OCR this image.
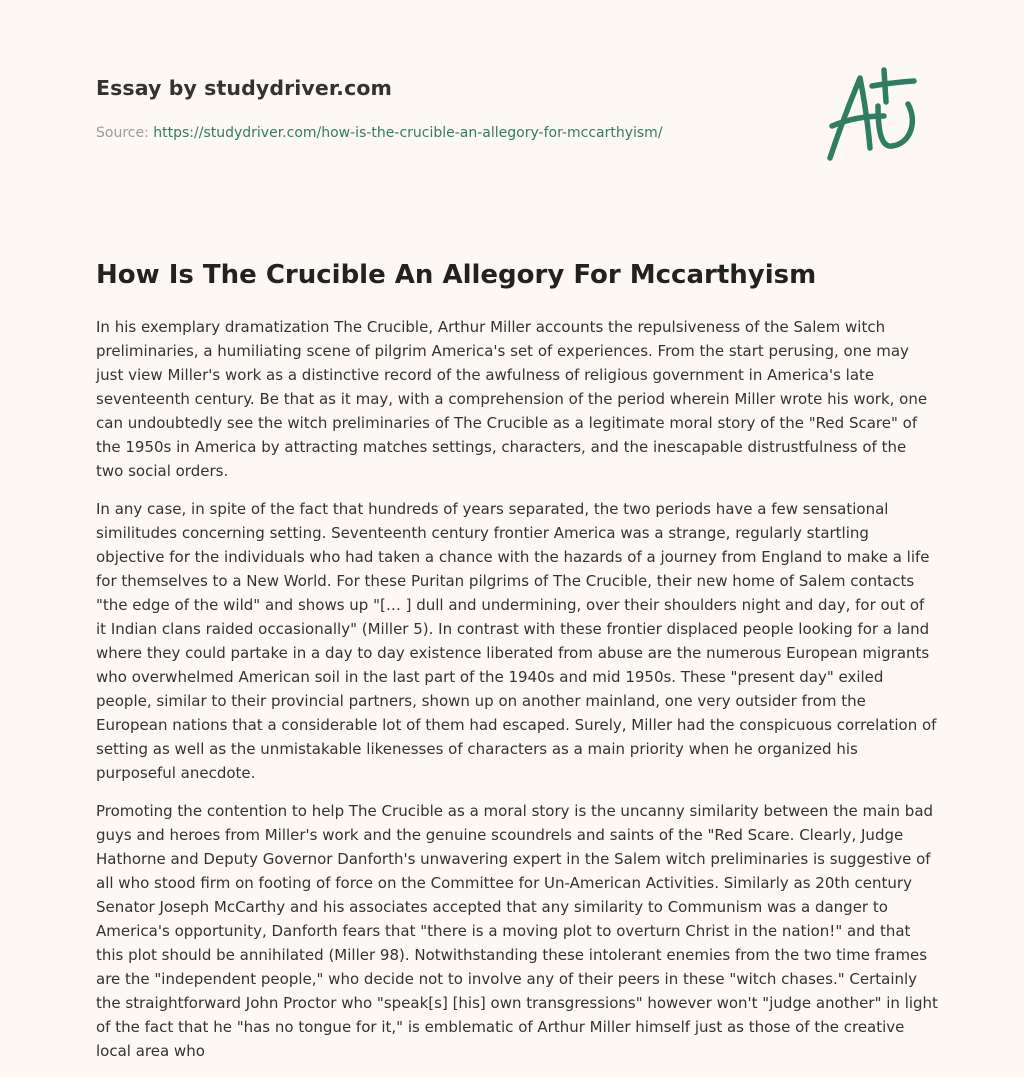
Essay by studydriver.com
Source: https://studydriver.com/how-is-the-crucible-an-allegory-for-mccarthyism/
How Is The Crucible An Allegory For Mccarthyism

In his exemplary dramatization The Crucible, Arthur Miller accounts the repulsiveness of the Salem witch preliminaries, a humiliating scene of pilgrim America's set of experiences. From the start perusing, one may just view Miller's work as a distinctive record of the awfulness of religious government in America's late seventeenth century. Be that as it may, with a comprehension of the period wherein Miller wrote his work, one can undoubtedly see the witch preliminaries of The Crucible as a legitimate moral story of the "Red Scare" of the 1950s in America by attracting matches settings, characters, and the inescapable distrustfulness of the two social orders.

In any case, in spite of the fact that hundreds of years separated, the two periods have a few sensational similitudes concerning setting. Seventeenth century frontier America was a strange, regularly startling objective for the individuals who had taken a chance with the hazards of a journey from England to make a life for themselves to a New World. For these Puritan pilgrims of The Crucible, their new home of Salem contacts "the edge of the wild" and shows up "[… ] dull and undermining, over their shoulders night and day, for out of it Indian clans raided occasionally" (Miller 5). In contrast with these frontier displaced people looking for a land where they could partake in a day to day existence liberated from abuse are the numerous European migrants who overwhelmed American soil in the last part of the 1940s and mid 1950s. These "present day" exiled people, similar to their provincial partners, shown up on another mainland, one very outsider from the European nations that a considerable lot of them had escaped. Surely, Miller had the conspicuous correlation of setting as well as the unmistakable likenesses of characters as a main priority when he organized his purposeful anecdote.

Promoting the contention to help The Crucible as a moral story is the uncanny similarity between the main bad guys and heroes from Miller's work and the genuine scoundrels and saints of the "Red Scare. Clearly, Judge Hathorne and Deputy Governor Danforth's unwavering expert in the Salem witch preliminaries is suggestive of all who stood firm on footing of force on the Committee for Un-American Activities. Similarly as 20th century Senator Joseph McCarthy and his associates accepted that any similarity to Communism was a danger to America's opportunity, Danforth fears that "there is a moving plot to overturn Christ in the nation!" and that this plot should be annihilated (Miller 98). Notwithstanding these intolerant enemies from the two time frames are the "independent people," who decide not to involve any of their peers in these "witch chases." Certainly the straightforward John Proctor who "speak[s] [his] own transgressions" however won't "judge another" in light of the fact that he "has no tongue for it," is emblematic of Arthur Miller himself just as those of the creative local area who
